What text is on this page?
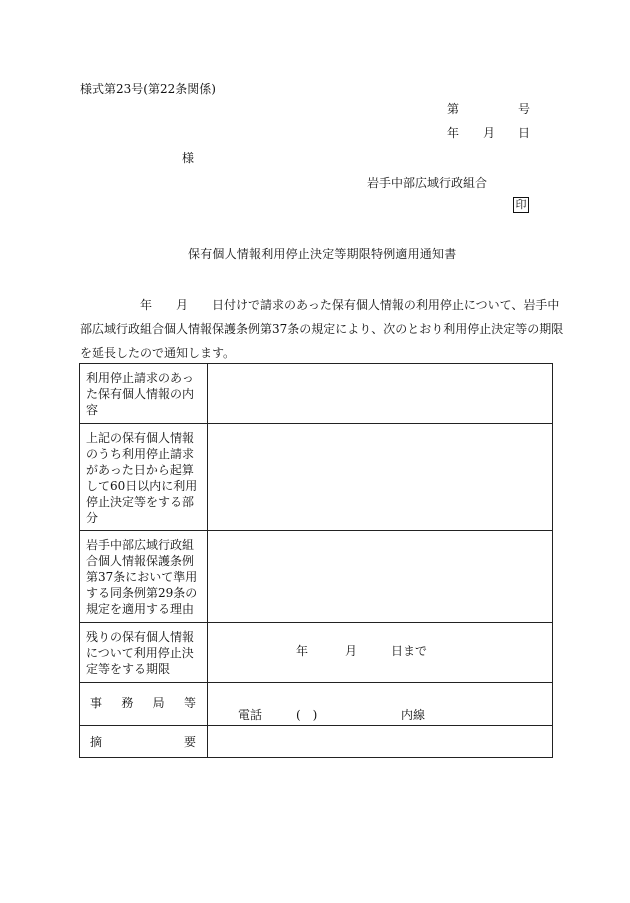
様式第23号(第22条関係)
第	号
年 月 日
様
岩手中部広域行政組合
印
保有個人情報利用停止決定等期限特例適用通知書
　　　　　年　　月　　日付けで請求のあった保有個人情報の利用停止について、岩手中
部広域行政組合個人情報保護条例第37条の規定により、次のとおり利用停止決定等の期限
を延長したので通知します。
利用停止請求のあった保有個人情報の内容	
上記の保有個人情報のうち利用停止請求があった日から起算して60日以内に利用停止決定等をする部分	
岩手中部広域行政組合個人情報保護条例第37条において準用する同条例第29条の規定を適用する理由	
残りの保有個人情報について利用停止決定等をする期限	年 月 日まで

事 務 局 等	電話 (　) 内線

摘 要	
